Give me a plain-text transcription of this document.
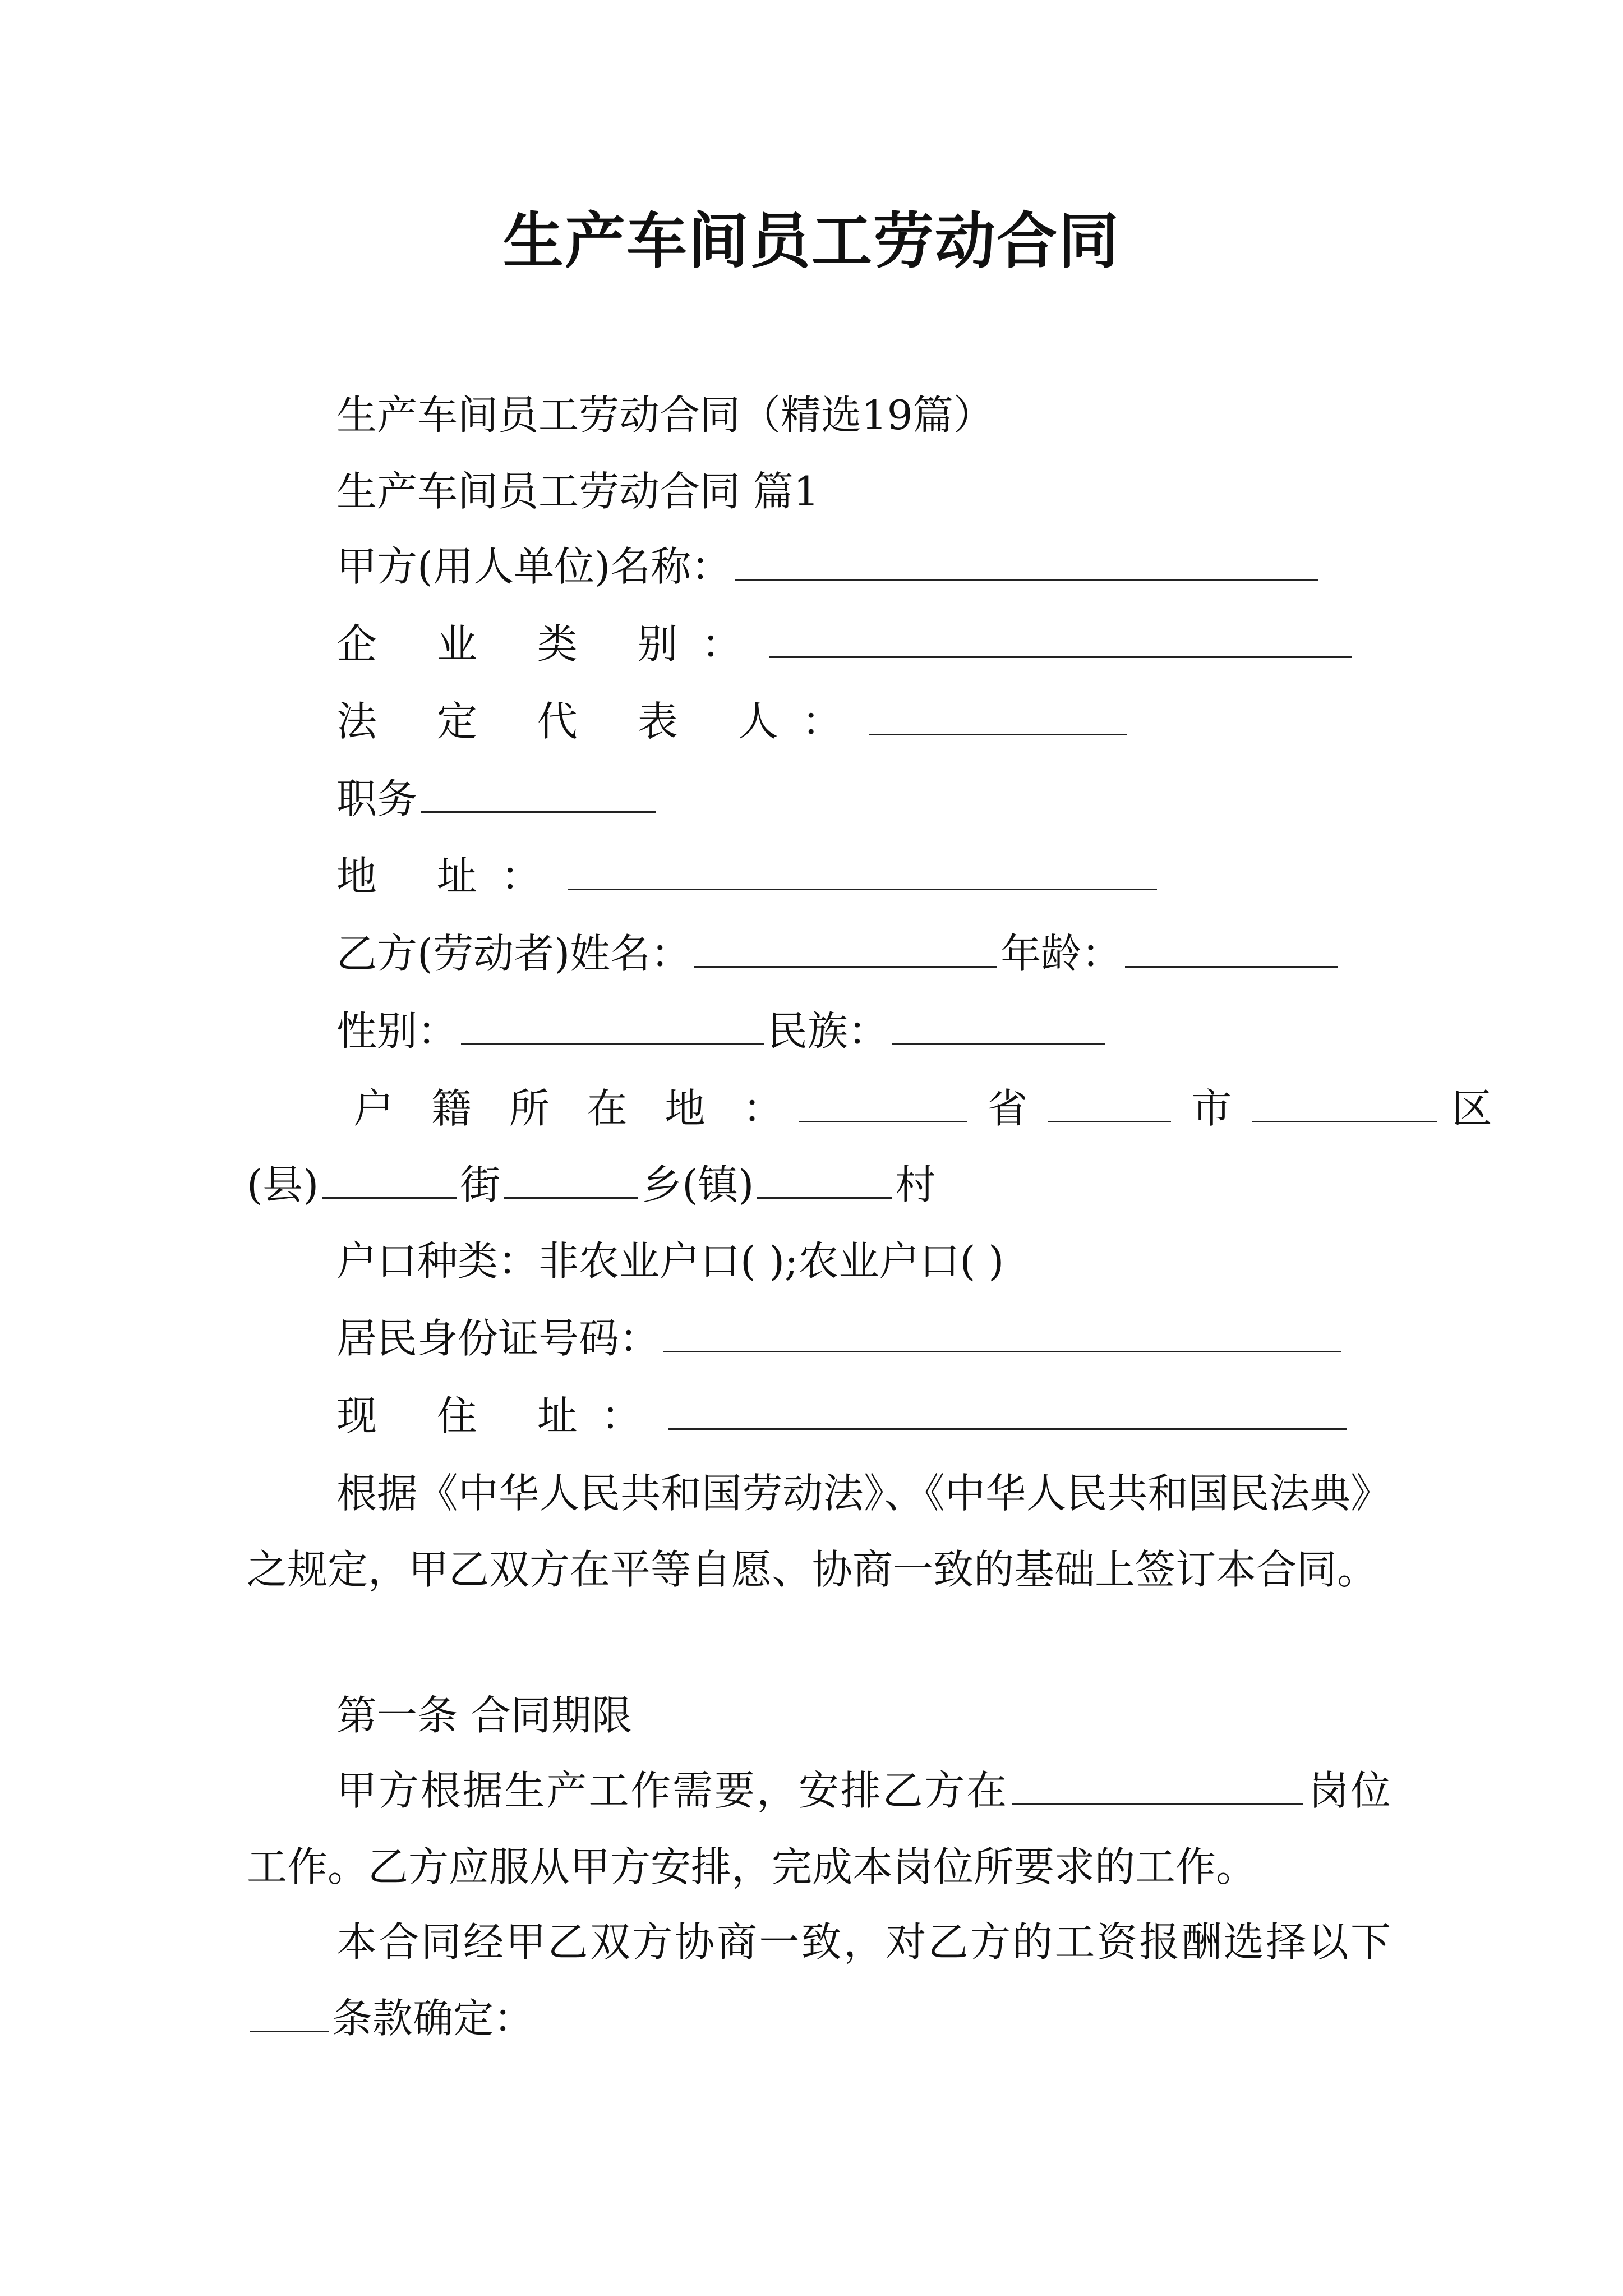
生产车间员工劳动合同
生产车间员工劳动合同（精选19篇）
生产车间员工劳动合同 篇1
甲方(用人单位)名称：
企 业 类 别：
法 定 代 表 人：
职务
地 址：
乙方(劳动者)姓名：	年龄：
性别：	民族：
户 籍 所 在 地 ：	省	市	区
(县)	街	乡(镇)	村
户口种类：非农业户口( );农业户口( )
居民身份证号码：
现 住 址：
根据《中华人民共和国劳动法》、《中华人民共和国民法典》之规定，甲乙双方在平等自愿、协商一致的基础上签订本合同。
第一条 合同期限
甲方根据生产工作需要，安排乙方在	岗位工作。乙方应服从甲方安排，完成本岗位所要求的工作。
本合同经甲乙双方协商一致，对乙方的工资报酬选择以下条款确定：
